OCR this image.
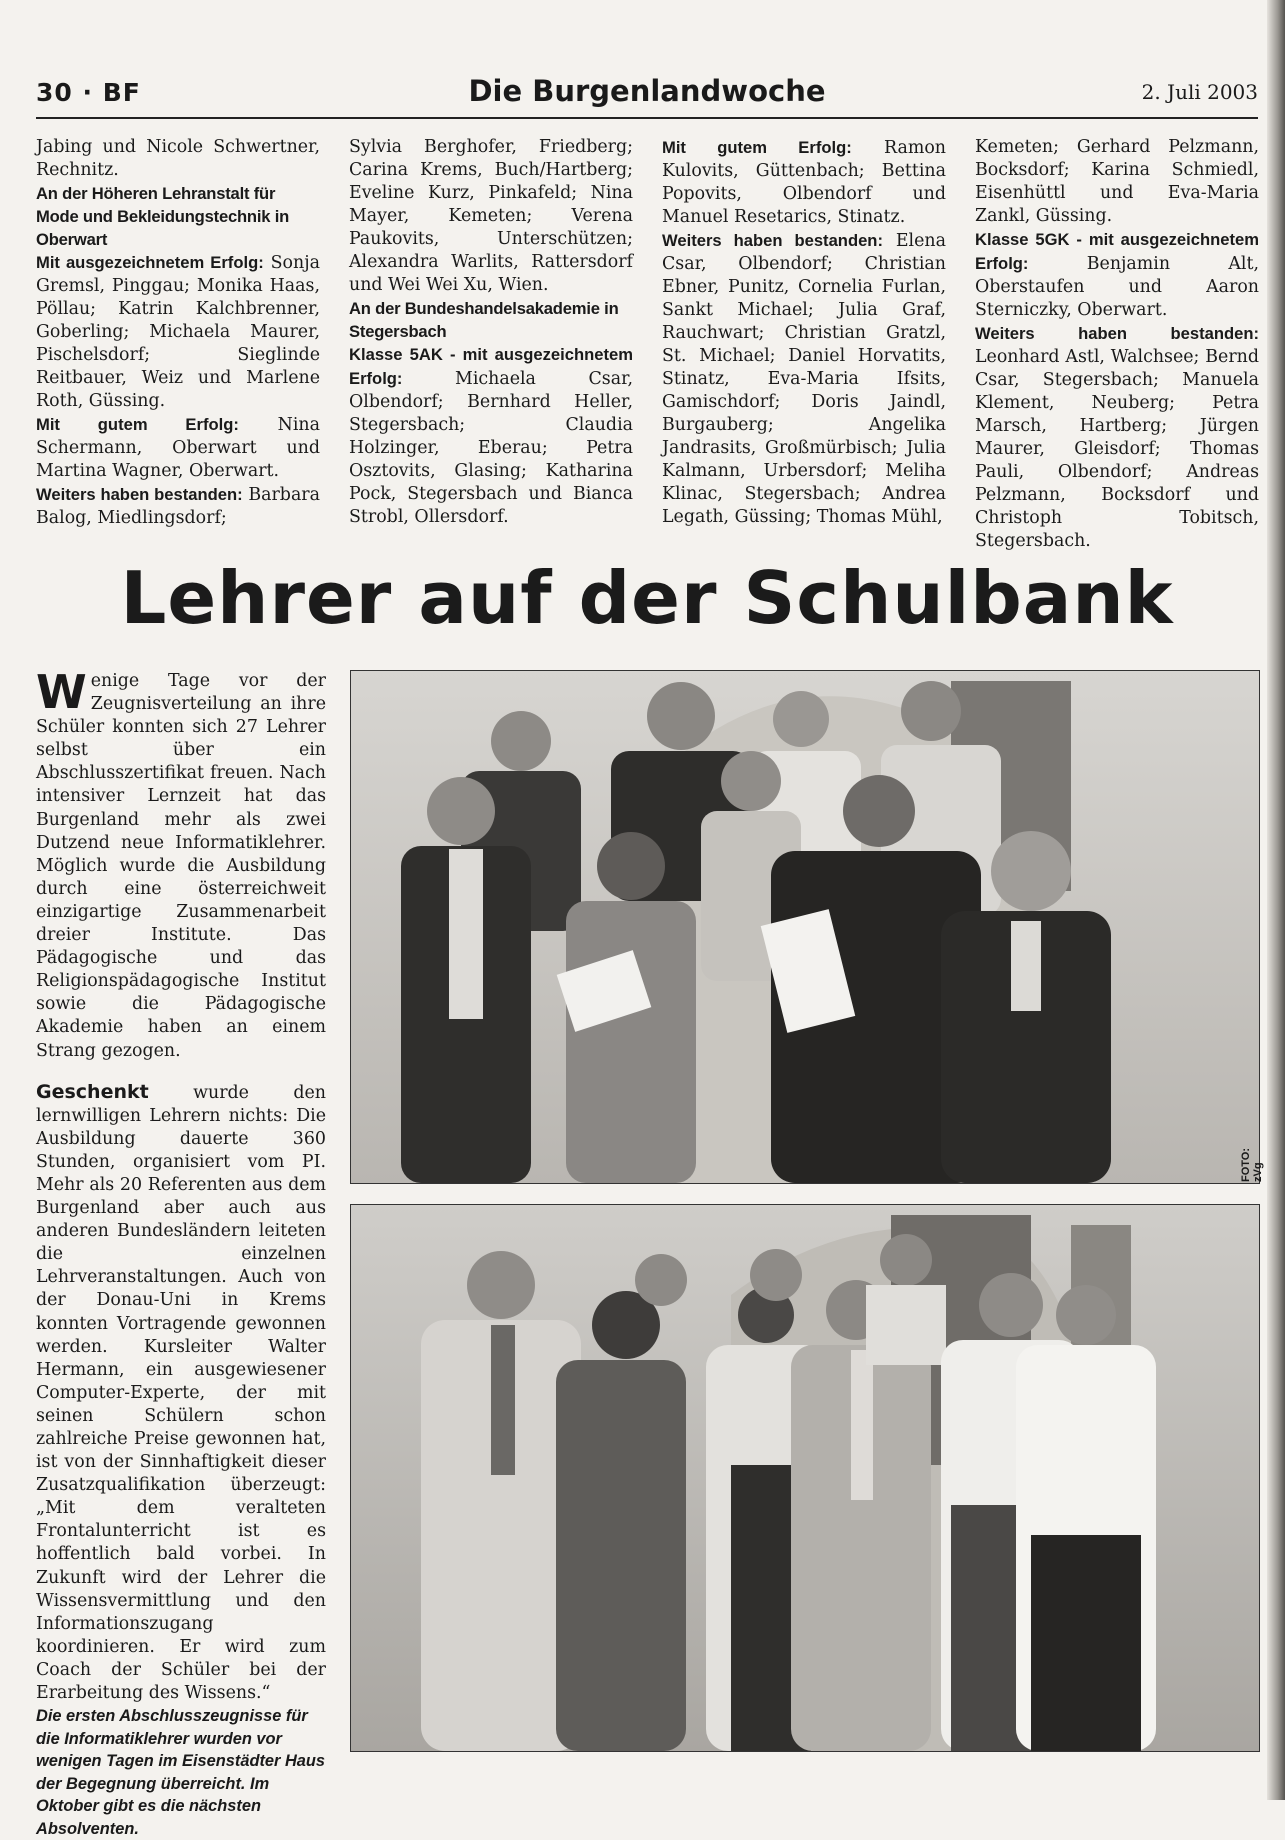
30 · BF	Die Burgenlandwoche	2. Juli 2003

Jabing und Nicole Schwertner, Rechnitz.

An der Höheren Lehranstalt für Mode und Bekleidungstechnik in Oberwart

Mit ausgezeichnetem Erfolg: Sonja Gremsl, Pinggau; Monika Haas, Pöllau; Katrin Kalchbrenner, Goberling; Michaela Maurer, Pischelsdorf; Sieglinde Reitbauer, Weiz und Marlene Roth, Güssing.

Mit gutem Erfolg: Nina Schermann, Oberwart und Martina Wagner, Oberwart.

Weiters haben bestanden: Barbara Balog, Miedlingsdorf;

Sylvia Berghofer, Friedberg; Carina Krems, Buch/Hartberg; Eveline Kurz, Pinkafeld; Nina Mayer, Kemeten; Verena Paukovits, Unterschützen; Alexandra Warlits, Rattersdorf und Wei Wei Xu, Wien.

An der Bundeshandelsakademie in Stegersbach

Klasse 5AK - mit ausgezeichnetem Erfolg: Michaela Csar, Olbendorf; Bernhard Heller, Stegersbach; Claudia Holzinger, Eberau; Petra Osztovits, Glasing; Katharina Pock, Stegersbach und Bianca Strobl, Ollersdorf.

Mit gutem Erfolg: Ramon Kulovits, Güttenbach; Bettina Popovits, Olbendorf und Manuel Resetarics, Stinatz.

Weiters haben bestanden: Elena Csar, Olbendorf; Christian Ebner, Punitz, Cornelia Furlan, Sankt Michael; Julia Graf, Rauchwart; Christian Gratzl, St. Michael; Daniel Horvatits, Stinatz, Eva-Maria Ifsits, Gamischdorf; Doris Jaindl, Burgauberg; Angelika Jandrasits, Großmürbisch; Julia Kalmann, Urbersdorf; Meliha Klinac, Stegersbach; Andrea Legath, Güssing; Thomas Mühl,

Kemeten; Gerhard Pelzmann, Bocksdorf; Karina Schmiedl, Eisenhüttl und Eva-Maria Zankl, Güssing.

Klasse 5GK - mit ausgezeichnetem Erfolg: Benjamin Alt, Oberstaufen und Aaron Sterniczky, Oberwart.

Weiters haben bestanden: Leonhard Astl, Walchsee; Bernd Csar, Stegersbach; Manuela Klement, Neuberg; Petra Marsch, Hartberg; Jürgen Maurer, Gleisdorf; Thomas Pauli, Olbendorf; Andreas Pelzmann, Bocksdorf und Christoph Tobitsch, Stegersbach.

Lehrer auf der Schulbank

Wenige Tage vor der Zeugnisverteilung an ihre Schüler konnten sich 27 Lehrer selbst über ein Abschlusszertifikat freuen. Nach intensiver Lernzeit hat das Burgenland mehr als zwei Dutzend neue Informatiklehrer. Möglich wurde die Ausbildung durch eine österreichweit einzigartige Zusammenarbeit dreier Institute. Das Pädagogische und das Religionspädagogische Institut sowie die Pädagogische Akademie haben an einem Strang gezogen.

Geschenkt wurde den lernwilligen Lehrern nichts: Die Ausbildung dauerte 360 Stunden, organisiert vom PI. Mehr als 20 Referenten aus dem Burgenland aber auch aus anderen Bundesländern leiteten die einzelnen Lehrveranstaltungen. Auch von der Donau-Uni in Krems konnten Vortragende gewonnen werden. Kursleiter Walter Hermann, ein ausgewiesener Computer-Experte, der mit seinen Schülern schon zahlreiche Preise gewonnen hat, ist von der Sinnhaftigkeit dieser Zusatzqualifikation überzeugt: „Mit dem veralteten Frontalunterricht ist es hoffentlich bald vorbei. In Zukunft wird der Lehrer die Wissensvermittlung und den Informationszugang koordinieren. Er wird zum Coach der Schüler bei der Erarbeitung des Wissens.“

Die ersten Abschlusszeugnisse für die Informatiklehrer wurden vor wenigen Tagen im Eisenstädter Haus der Begegnung überreicht. Im Oktober gibt es die nächsten Absolventen.

FOTO: zVg
